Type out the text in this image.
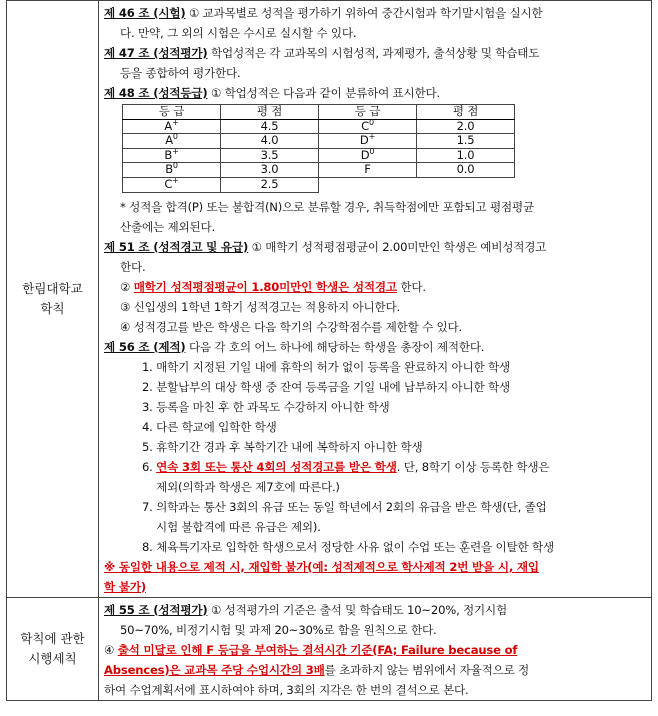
한림대학교
학칙

제 46 조 (시험) ① 교과목별로 성적을 평가하기 위하여 중간시험과 학기말시험을 실시한
다. 만약, 그 외의 시험은 수시로 실시할 수 있다.
제 47 조 (성적평가) 학업성적은 각 교과목의 시험성적, 과제평가, 출석상황 및 학습태도
등을 종합하여 평가한다.
제 48 조 (성적등급) ① 학업성적은 다음과 같이 분류하여 표시한다.
등 급	평 점	등 급	평 점
A+	4.5	$C^0$	2.0
$A^0$	4.0	D+	1.5
B+	3.5	$D^0$	1.0
$B^0$	3.0	F	0.0
C+	2.5		
* 성적을 합격(P) 또는 불합격(N)으로 분류할 경우, 취득학점에만 포함되고 평점평균
산출에는 제외된다.
제 51 조 (성적경고 및 유급) ① 매학기 성적평점평균이 2.00미만인 학생은 예비성적경고
한다.
② 매학기 성적평점평균이 1.80미만인 학생은 성적경고 한다.
③ 신입생의 1학년 1학기 성적경고는 적용하지 아니한다.
④ 성적경고를 받은 학생은 다음 학기의 수강학점수를 제한할 수 있다.
제 56 조 (제적) 다음 각 호의 어느 하나에 해당하는 학생을 총장이 제적한다.
1. 매학기 지정된 기일 내에 휴학의 허가 없이 등록을 완료하지 아니한 학생
2. 분할납부의 대상 학생 중 잔여 등록금을 기일 내에 납부하지 아니한 학생
3. 등록을 마친 후 한 과목도 수강하지 아니한 학생
4. 다른 학교에 입학한 학생
5. 휴학기간 경과 후 복학기간 내에 복학하지 아니한 학생
6. 연속 3회 또는 통산 4회의 성적경고를 받은 학생. 단, 8학기 이상 등록한 학생은
제외(의학과 학생은 제7호에 따른다.)
7. 의학과는 통산 3회의 유급 또는 동일 학년에서 2회의 유급을 받은 학생(단, 졸업
시험 불합격에 따른 유급은 제외).
8. 체육특기자로 입학한 학생으로서 정당한 사유 없이 수업 또는 훈련을 이탈한 학생
※ 동일한 내용으로 제적 시, 재입학 불가(예: 성적제적으로 학사제적 2번 받을 시, 재입
학 불가)

학칙에 관한
시행세칙

제 55 조 (성적평가) ① 성적평가의 기준은 출석 및 학습태도 10~20%, 정기시험
50~70%, 비정기시험 및 과제 20~30%로 함을 원칙으로 한다.
④ 출석 미달로 인해 F 등급을 부여하는 결석시간 기준(FA; Failure because of
Absences)은 교과목 주당 수업시간의 3배를 초과하지 않는 범위에서 자율적으로 정
하여 수업계획서에 표시하여야 하며, 3회의 지각은 한 번의 결석으로 본다.
